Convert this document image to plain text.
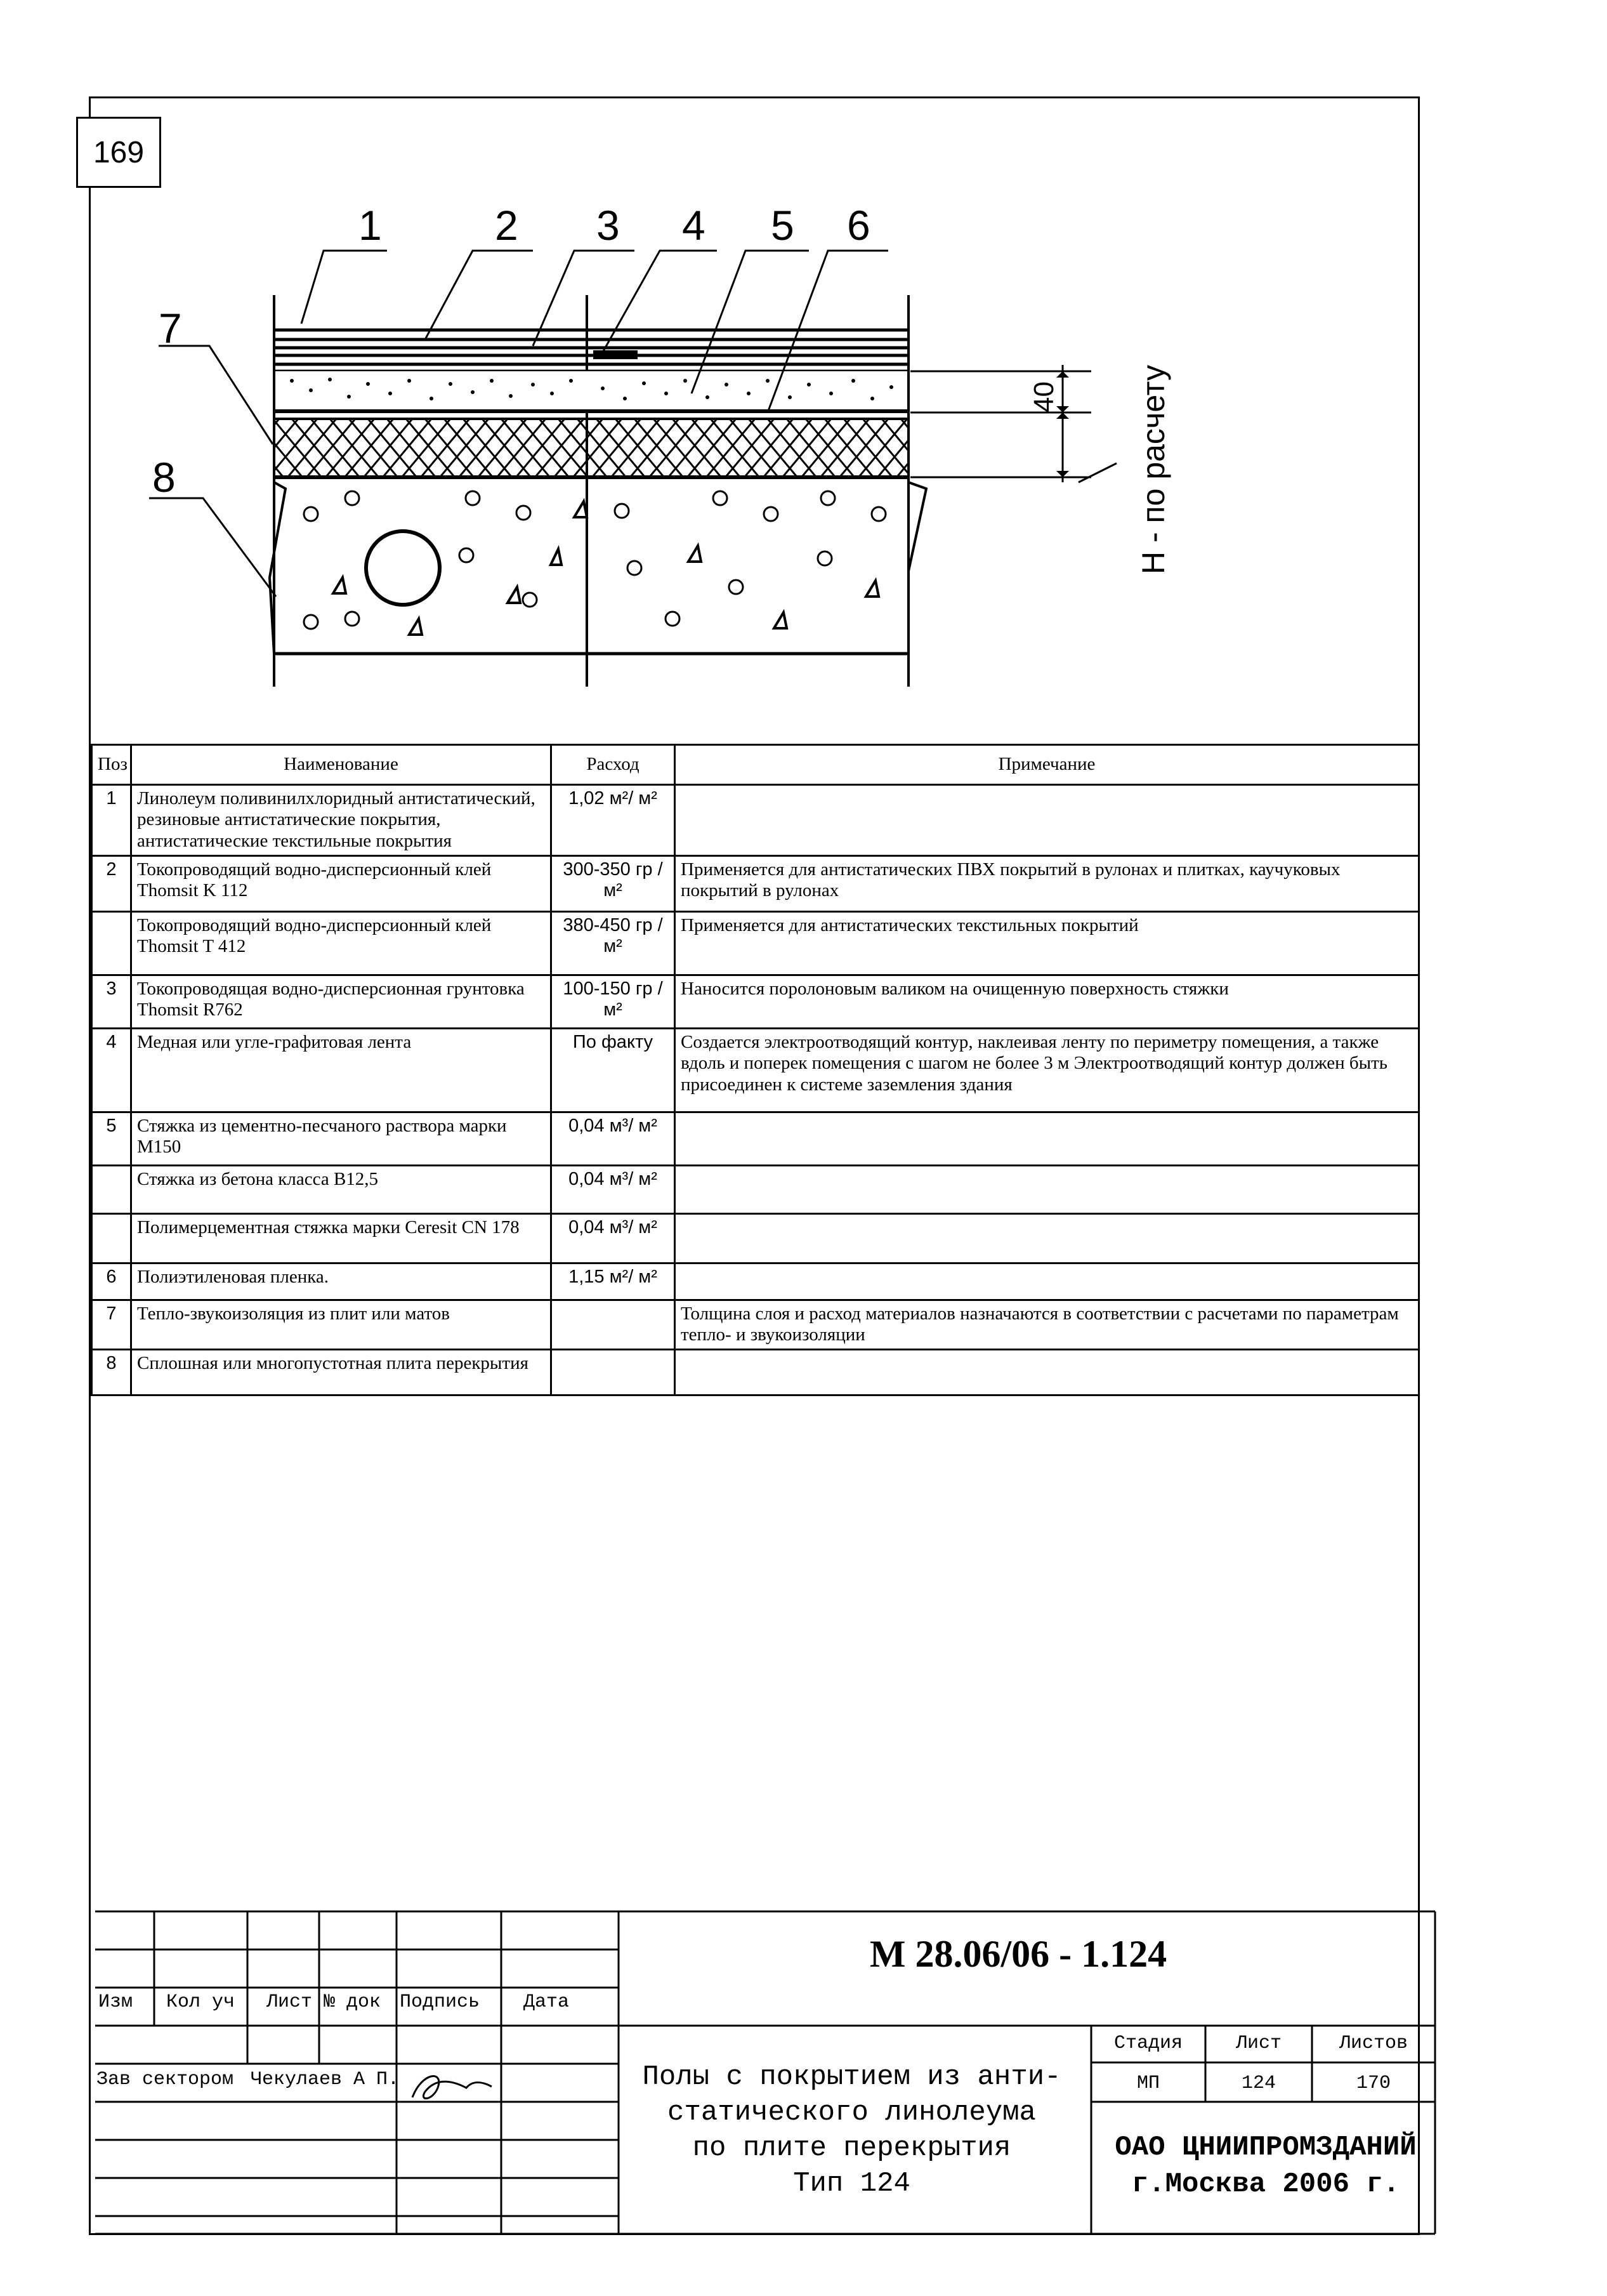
169
1	2 3 4 5 6
7
8
40 H - по расчету
Поз	Наименование	Расход	Примечание
1	Линолеум поливинилхлоридный антистатический, резиновые антистатические покрытия, антистатические текстильные покрытия	1,02 м²/ м²	
2	Токопроводящий водно-дисперсионный клей Thomsit K 112	300-350 гр / м²	Применяется для антистатических ПВХ покрытий в рулонах и плитках, каучуковых покрытий в рулонах
	Токопроводящий водно-дисперсионный клей Thomsit T 412	380-450 гр / м²	Применяется для антистатических текстильных покрытий
3	Токопроводящая водно-дисперсионная грунтовка Thomsit R762	100-150 гр / м²	Наносится поролоновым валиком на очищенную поверхность стяжки
4	Медная или угле-графитовая лента	По факту	Создается электроотводящий контур, наклеивая ленту по периметру помещения, а также вдоль и поперек помещения с шагом не более 3 м Электроотводящий контур должен быть присоединен к системе заземления здания
5	Стяжка из цементно-песчаного раствора марки М150	0,04 м³/ м²	
	Стяжка из бетона класса В12,5	0,04 м³/ м²	
	Полимерцементная стяжка марки Ceresit CN 178	0,04 м³/ м²	
6	Полиэтиленовая пленка.	1,15 м²/ м²	
7	Тепло-звукоизоляция из плит или матов		Толщина слоя и расход материалов назначаются в соответствии с расчетами по параметрам тепло- и звукоизоляции
8	Сплошная или многопустотная плита перекрытия		
Изм Кол уч Лист № док Подпись Дата
Зав сектором Чекулаев А П.
М 28.06/06 - 1.124
Полы с покрытием из анти-
статического линолеума
по плите перекрытия
Тип 124
Стадия	Лист	Листов
МП	124	170
ОАО ЦНИИПРОМЗДАНИЙ
г.Москва 2006 г.
